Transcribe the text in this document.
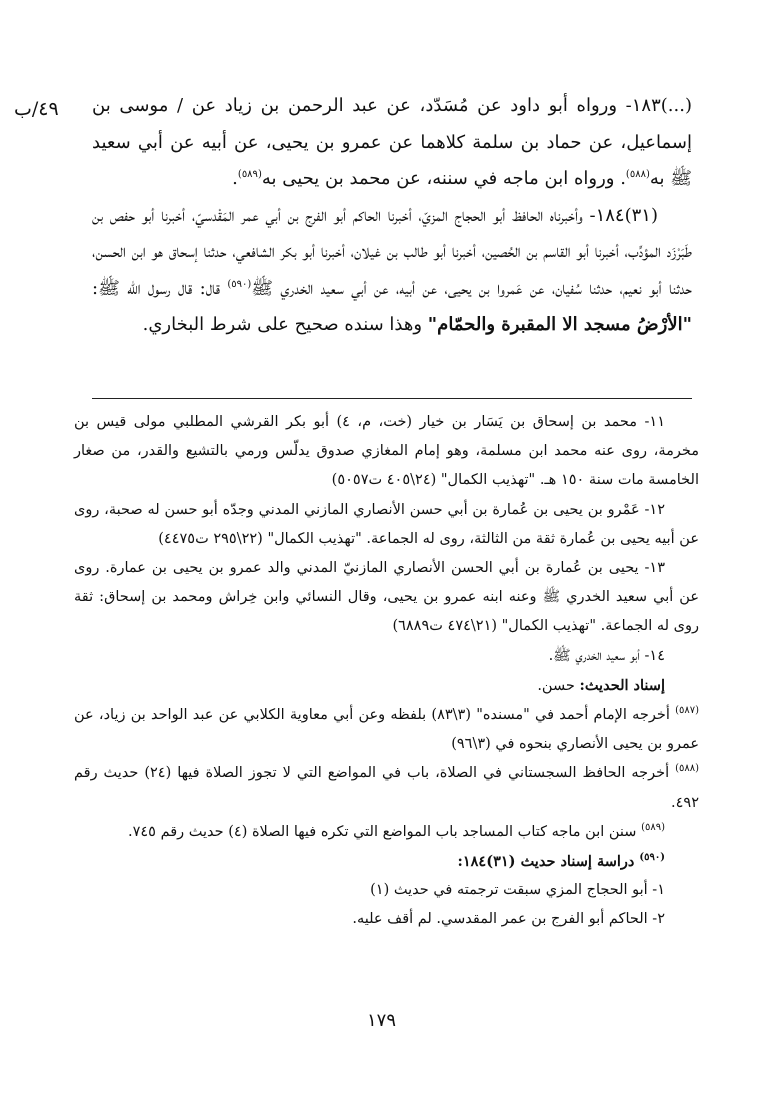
٤٩/ب (...)١٨٣- ورواه أبو داود عن مُسَدّد، عن عبد الرحمن بن زياد عن / موسى بن إسماعيل، عن حماد بن سلمة كلاهما عن عمرو بن يحيى، عن أبيه عن أبي سعيد ﷺ به$^{(٥٨٨)}$. ورواه ابن ماجه في سننه، عن محمد بن يحيى به$^{(٥٨٩)}$.

(٣١)١٨٤- وأخبرناه الحافظ أبو الحجاج المزيّ، أخبرنا الحاكم أبو الفرج بن أبي عمر المَقْدسيّ، أخبرنا أبو حفص بن طَبَرْزَد المؤدِّب، أخبرنا أبو القاسم بن الحُصين، أخبرنا أبو طالب بن غيلان، أخبرنا أبو بكر الشافعي، حدثنا إسحاق هو ابن الحسن، حدثنا أبو نعيم، حدثنا سُفيان، عن عَمروا بن يحيى، عن أبيه، عن أبي سعيد الخدري ﷺ$^{(٥٩٠)}$ قال: قال رسول الله ﷺ: "الأرْضُ مسجد الا المقبرة والحمّام" وهذا سنده صحيح على شرط البخاري.

١١- محمد بن إسحاق بن يَسَار بن خيار (خت، م، ٤) أبو بكر القرشي المطلبي مولى قيس بن مخرمة، روى عنه محمد ابن مسلمة، وهو إمام المغازي صدوق يدلّس ورمي بالتشيع والقدر، من صغار الخامسة مات سنة ١٥٠ هـ. "تهذيب الكمال" (٢٤\٤٠٥ ت٥٠٥٧)

١٢- عَمْرو بن يحيى بن عُمارة بن أبي حسن الأنصاري المازني المدني وجدّه أبو حسن له صحبة، روى عن أبيه يحيى بن عُمارة ثقة من الثالثة، روى له الجماعة. "تهذيب الكمال" (٢٢\٢٩٥ ت٤٤٧٥)

١٣- يحيى بن عُمارة بن أبي الحسن الأنصاري المازنيّ المدني والد عمرو بن يحيى بن عمارة. روى عن أبي سعيد الخدري ﷺ وعنه ابنه عمرو بن يحيى، وقال النسائي وابن خِراش ومحمد بن إسحاق: ثقة روى له الجماعة. "تهذيب الكمال" (٢١\٤٧٤ ت٦٨٨٩)

١٤- أبو سعيد الخدري ﷺ.

إسناد الحديث: حسن.

$^{(٥٨٧)}$ أخرجه الإمام أحمد في "مسنده" (٣\٨٣) بلفظه وعن أبي معاوية الكلابي عن عبد الواحد بن زياد، عن عمرو بن يحيى الأنصاري بنحوه في (٣\٩٦)

$^{(٥٨٨)}$ أخرجه الحافظ السجستاني في الصلاة، باب في المواضع التي لا تجوز الصلاة فيها (٢٤) حديث رقم ٤٩٢.

$^{(٥٨٩)}$ سنن ابن ماجه كتاب المساجد باب المواضع التي تكره فيها الصلاة (٤) حديث رقم ٧٤٥.

$^{(٥٩٠)}$ دراسة إسناد حديث (٣١)١٨٤:

١- أبو الحجاج المزي سبقت ترجمته في حديث (١)

٢- الحاكم أبو الفرج بن عمر المقدسي. لم أقف عليه.

١٧٩
